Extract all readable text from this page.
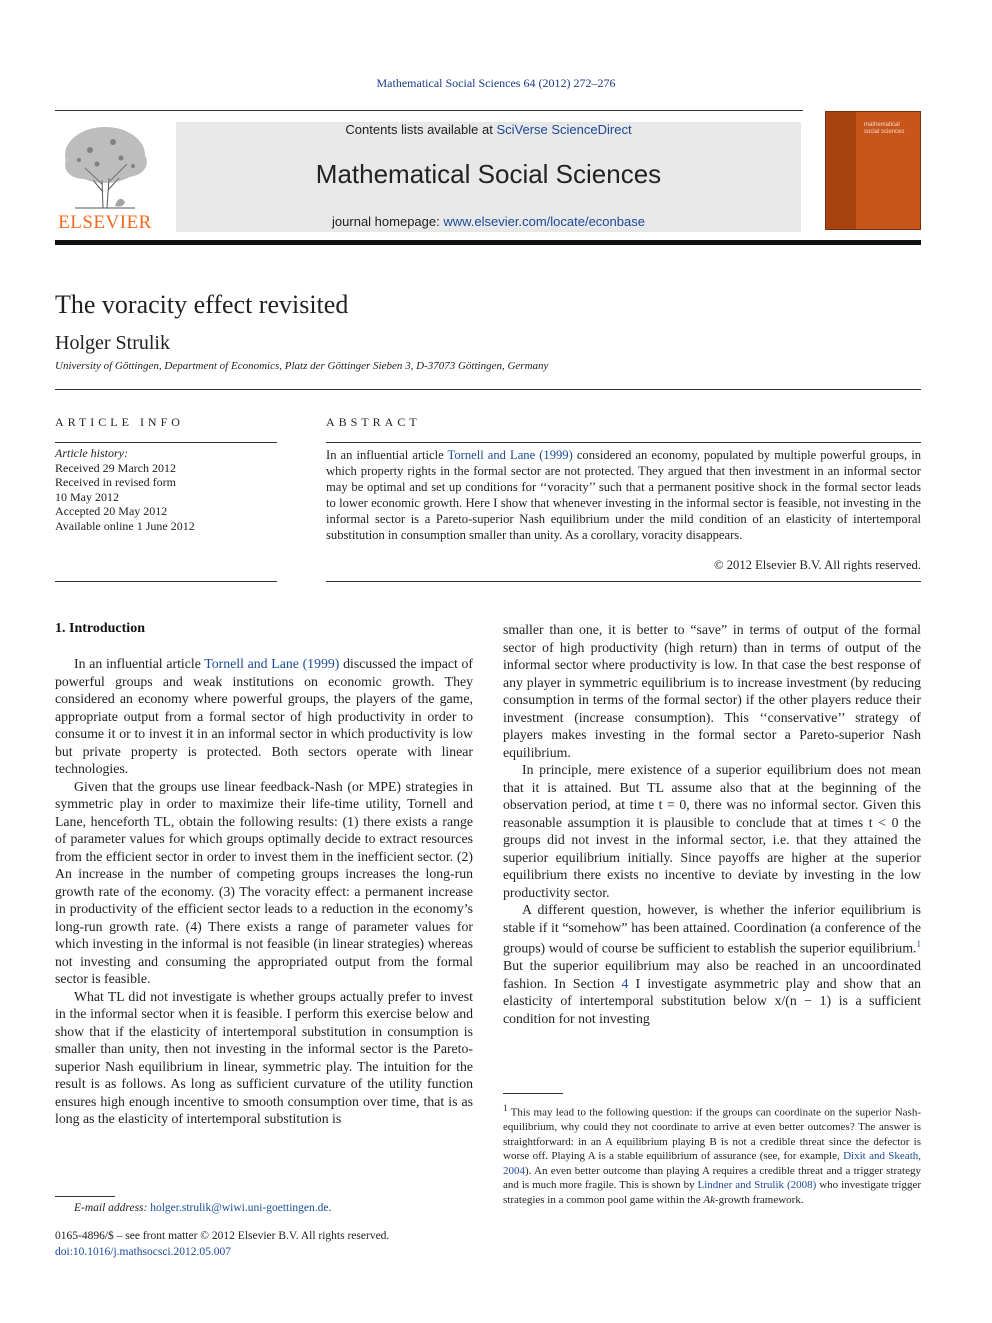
Mathematical Social Sciences 64 (2012) 272–276
ELSEVIER
Contents lists available at SciVerse ScienceDirect
Mathematical Social Sciences
journal homepage: www.elsevier.com/locate/econbase
mathematical social sciences
The voracity effect revisited
Holger Strulik
University of Göttingen, Department of Economics, Platz der Göttinger Sieben 3, D-37073 Göttingen, Germany
ARTICLE INFO
Article history:
Received 29 March 2012
Received in revised form
10 May 2012
Accepted 20 May 2012
Available online 1 June 2012
ABSTRACT
In an influential article Tornell and Lane (1999) considered an economy, populated by multiple powerful groups, in which property rights in the formal sector are not protected. They argued that then investment in an informal sector may be optimal and set up conditions for ‘‘voracity’’ such that a permanent positive shock in the formal sector leads to lower economic growth. Here I show that whenever investing in the informal sector is feasible, not investing in the informal sector is a Pareto-superior Nash equilibrium under the mild condition of an elasticity of intertemporal substitution in consumption smaller than unity. As a corollary, voracity disappears.
© 2012 Elsevier B.V. All rights reserved.
1. Introduction

In an influential article Tornell and Lane (1999) discussed the impact of powerful groups and weak institutions on economic growth. They considered an economy where powerful groups, the players of the game, appropriate output from a formal sector of high productivity in order to consume it or to invest it in an informal sector in which productivity is low but private property is protected. Both sectors operate with linear technologies.

Given that the groups use linear feedback-Nash (or MPE) strategies in symmetric play in order to maximize their life-time utility, Tornell and Lane, henceforth TL, obtain the following results: (1) there exists a range of parameter values for which groups optimally decide to extract resources from the efficient sector in order to invest them in the inefficient sector. (2) An increase in the number of competing groups increases the long-run growth rate of the economy. (3) The voracity effect: a permanent increase in productivity of the efficient sector leads to a reduction in the economy’s long-run growth rate. (4) There exists a range of parameter values for which investing in the informal is not feasible (in linear strategies) whereas not investing and consuming the appropriated output from the formal sector is feasible.

What TL did not investigate is whether groups actually prefer to invest in the informal sector when it is feasible. I perform this exercise below and show that if the elasticity of intertemporal substitution in consumption is smaller than unity, then not investing in the informal sector is the Pareto-superior Nash equilibrium in linear, symmetric play. The intuition for the result is as follows. As long as sufficient curvature of the utility function ensures high enough incentive to smooth consumption over time, that is as long as the elasticity of intertemporal substitution is

smaller than one, it is better to “save” in terms of output of the formal sector of high productivity (high return) than in terms of output of the informal sector where productivity is low. In that case the best response of any player in symmetric equilibrium is to increase investment (by reducing consumption in terms of the formal sector) if the other players reduce their investment (increase consumption). This ‘‘conservative’’ strategy of players makes investing in the formal sector a Pareto-superior Nash equilibrium.

In principle, mere existence of a superior equilibrium does not mean that it is attained. But TL assume also that at the beginning of the observation period, at time t = 0, there was no informal sector. Given this reasonable assumption it is plausible to conclude that at times t < 0 the groups did not invest in the informal sector, i.e. that they attained the superior equilibrium initially. Since payoffs are higher at the superior equilibrium there exists no incentive to deviate by investing in the low productivity sector.

A different question, however, is whether the inferior equilibrium is stable if it “somehow” has been attained. Coordination (a conference of the groups) would of course be sufficient to establish the superior equilibrium.$^1$ But the superior equilibrium may also be reached in an uncoordinated fashion. In Section 4 I investigate asymmetric play and show that an elasticity of intertemporal substitution below x/(n − 1) is a sufficient condition for not investing

$^1$ This may lead to the following question: if the groups can coordinate on the superior Nash-equilibrium, why could they not coordinate to arrive at even better outcomes? The answer is straightforward: in an A equilibrium playing B is not a credible threat since the defector is worse off. Playing A is a stable equilibrium of assurance (see, for example, Dixit and Skeath, 2004). An even better outcome than playing A requires a credible threat and a trigger strategy and is much more fragile. This is shown by Lindner and Strulik (2008) who investigate trigger strategies in a common pool game within the Ak-growth framework.
E-mail address: holger.strulik@wiwi.uni-goettingen.de.
0165-4896/$ – see front matter © 2012 Elsevier B.V. All rights reserved.
doi:10.1016/j.mathsocsci.2012.05.007
